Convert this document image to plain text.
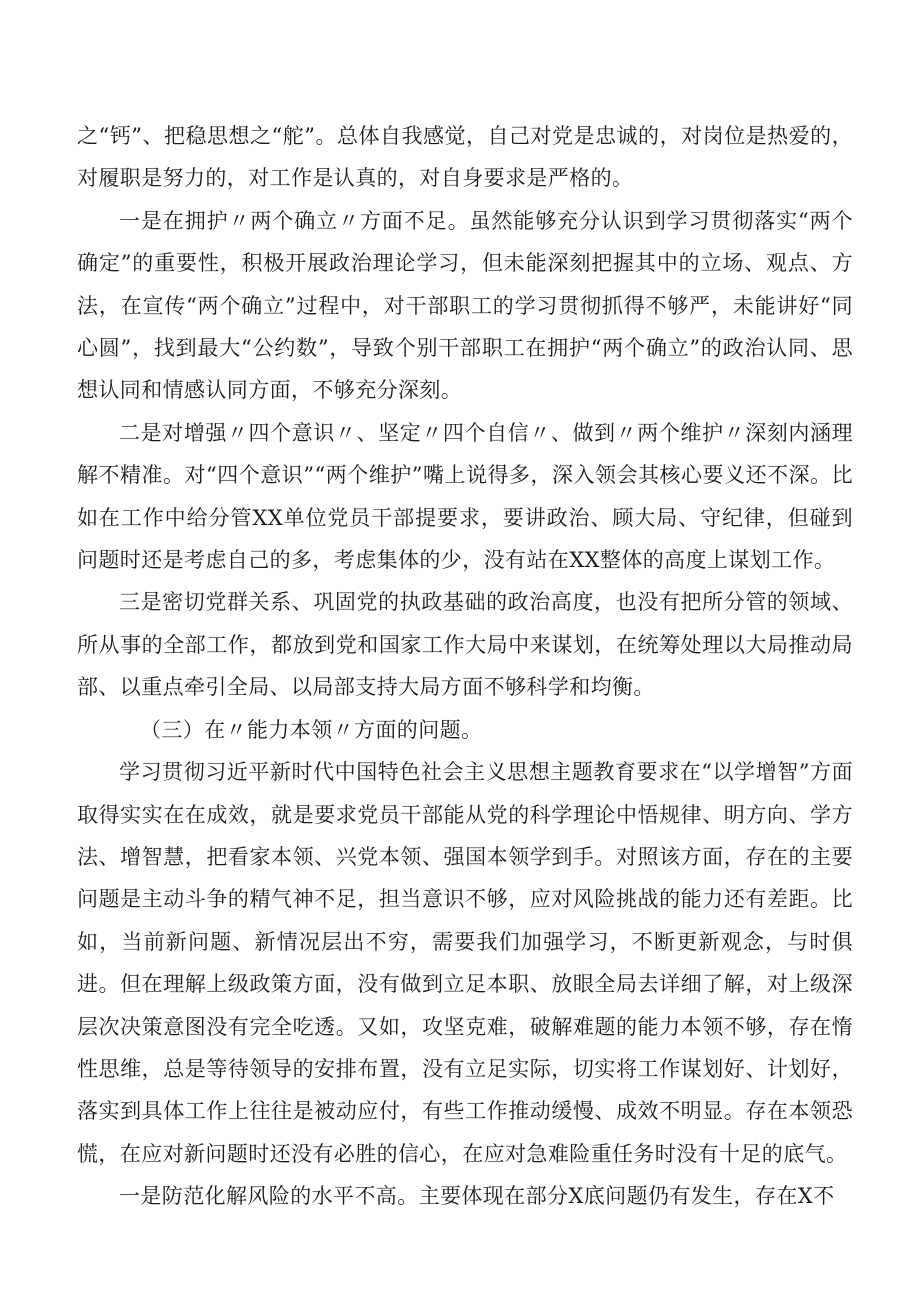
之“钙”、把稳思想之“舵”。总体自我感觉，自己对党是忠诚的，对岗位是热爱的，对履职是努力的，对工作是认真的，对自身要求是严格的。

一是在拥护〃两个确立〃方面不足。虽然能够充分认识到学习贯彻落实“两个确定”的重要性，积极开展政治理论学习，但未能深刻把握其中的立场、观点、方法，在宣传“两个确立”过程中，对干部职工的学习贯彻抓得不够严，未能讲好“同心圆”，找到最大“公约数”，导致个别干部职工在拥护“两个确立”的政治认同、思想认同和情感认同方面，不够充分深刻。

二是对增强〃四个意识〃、坚定〃四个自信〃、做到〃两个维护〃深刻内涵理解不精准。对“四个意识”“两个维护”嘴上说得多，深入领会其核心要义还不深。比如在工作中给分管XX单位党员干部提要求，要讲政治、顾大局、守纪律，但碰到问题时还是考虑自己的多，考虑集体的少，没有站在XX整体的高度上谋划工作。

三是密切党群关系、巩固党的执政基础的政治高度，也没有把所分管的领域、所从事的全部工作，都放到党和国家工作大局中来谋划，在统筹处理以大局推动局部、以重点牵引全局、以局部支持大局方面不够科学和均衡。

（三）在〃能力本领〃方面的问题。

学习贯彻习近平新时代中国特色社会主义思想主题教育要求在“以学增智”方面取得实实在在成效，就是要求党员干部能从党的科学理论中悟规律、明方向、学方法、增智慧，把看家本领、兴党本领、强国本领学到手。对照该方面，存在的主要问题是主动斗争的精气神不足，担当意识不够，应对风险挑战的能力还有差距。比如，当前新问题、新情况层出不穷，需要我们加强学习，不断更新观念，与时俱进。但在理解上级政策方面，没有做到立足本职、放眼全局去详细了解，对上级深层次决策意图没有完全吃透。又如，攻坚克难，破解难题的能力本领不够，存在惰性思维，总是等待领导的安排布置，没有立足实际，切实将工作谋划好、计划好，落实到具体工作上往往是被动应付，有些工作推动缓慢、成效不明显。存在本领恐慌，在应对新问题时还没有必胜的信心，在应对急难险重任务时没有十足的底气。

一是防范化解风险的水平不高。主要体现在部分X底问题仍有发生，存在X不
